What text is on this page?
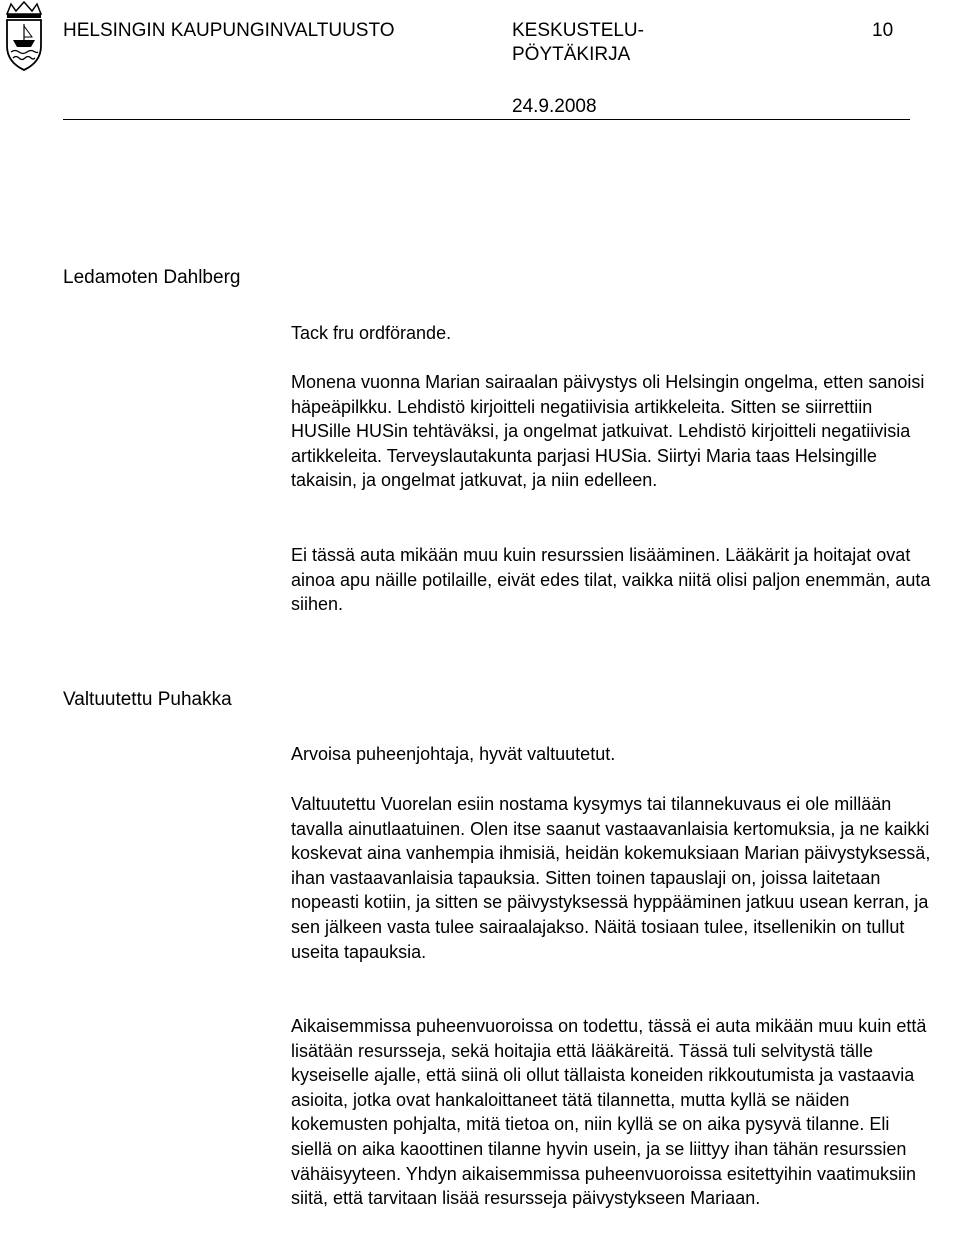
HELSINGIN KAUPUNGINVALTUUSTO	KESKUSTELU-PÖYTÄKIRJA
10
24.9.2008

Ledamoten Dahlberg

Tack fru ordförande.

Monena vuonna Marian sairaalan päivystys oli Helsingin ongelma, etten sanoisi häpeäpilkku. Lehdistö kirjoitteli negatiivisia artikkeleita. Sitten se siirrettiin HUSille HUSin tehtäväksi, ja ongelmat jatkuivat. Lehdistö kirjoitteli negatiivisia artikkeleita. Terveyslautakunta parjasi HUSia. Siirtyi Maria taas Helsingille takaisin, ja ongelmat jatkuvat, ja niin edelleen.

Ei tässä auta mikään muu kuin resurssien lisääminen. Lääkärit ja hoitajat ovat ainoa apu näille potilaille, eivät edes tilat, vaikka niitä olisi paljon enemmän, auta siihen.

Valtuutettu Puhakka

Arvoisa puheenjohtaja, hyvät valtuutetut.

Valtuutettu Vuorelan esiin nostama kysymys tai tilannekuvaus ei ole millään tavalla ainutlaatuinen. Olen itse saanut vastaavanlaisia kertomuksia, ja ne kaikki koskevat aina vanhempia ihmisiä, heidän kokemuksiaan Marian päivystyksessä, ihan vastaavanlaisia tapauksia. Sitten toinen tapauslaji on, joissa laitetaan nopeasti kotiin, ja sitten se päivystyksessä hyppääminen jatkuu usean kerran, ja sen jälkeen vasta tulee sairaalajakso. Näitä tosiaan tulee, itsellenikin on tullut useita tapauksia.

Aikaisemmissa puheenvuoroissa on todettu, tässä ei auta mikään muu kuin että lisätään resursseja, sekä hoitajia että lääkäreitä. Tässä tuli selvitystä tälle kyseiselle ajalle, että siinä oli ollut tällaista koneiden rikkoutumista ja vastaavia asioita, jotka ovat hankaloittaneet tätä tilannetta, mutta kyllä se näiden kokemusten pohjalta, mitä tietoa on, niin kyllä se on aika pysyvä tilanne. Eli siellä on aika kaoottinen tilanne hyvin usein, ja se liittyy ihan tähän resurssien vähäisyyteen. Yhdyn aikaisemmissa puheenvuoroissa esitettyihin vaatimuksiin siitä, että tarvitaan lisää resursseja päivystykseen Mariaan.
